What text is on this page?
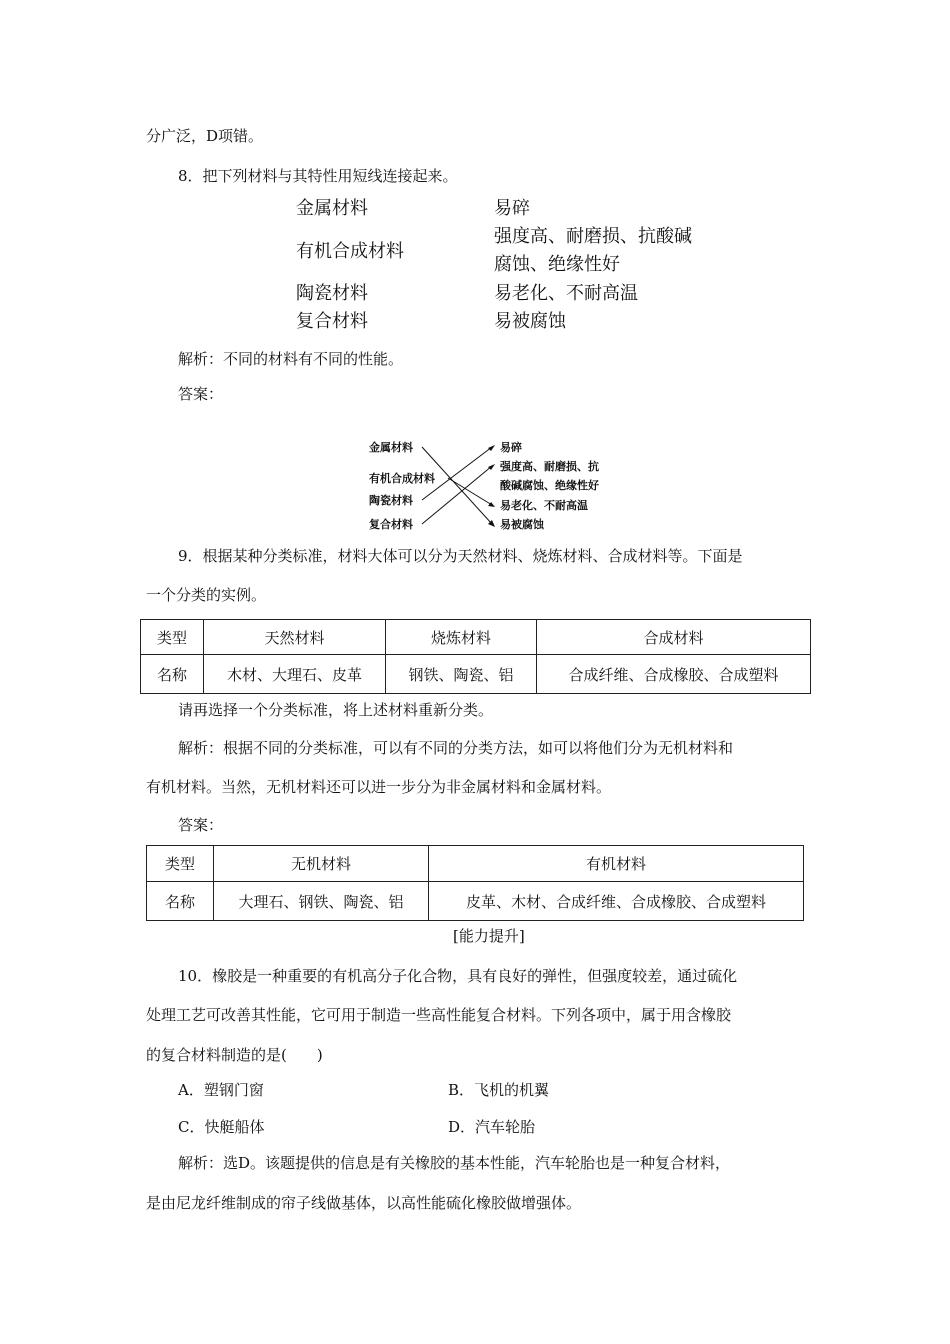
分广泛，D项错。
8．把下列材料与其特性用短线连接起来。
金属材料
有机合成材料
陶瓷材料
复合材料
易碎
强度高、耐磨损、抗酸碱
腐蚀、绝缘性好
易老化、不耐高温
易被腐蚀
解析：不同的材料有不同的性能。
答案：
金属材料
有机合成材料
陶瓷材料
复合材料
易碎
强度高、耐磨损、抗
酸碱腐蚀、绝缘性好
易老化、不耐高温
易被腐蚀
9．根据某种分类标准，材料大体可以分为天然材料、烧炼材料、合成材料等。下面是
一个分类的实例。
类型	天然材料	烧炼材料	合成材料
名称	木材、大理石、皮革	钢铁、陶瓷、铝	合成纤维、合成橡胶、合成塑料
请再选择一个分类标准，将上述材料重新分类。
解析：根据不同的分类标准，可以有不同的分类方法，如可以将他们分为无机材料和
有机材料。当然，无机材料还可以进一步分为非金属材料和金属材料。
答案：
类型	无机材料	有机材料
名称	大理石、钢铁、陶瓷、铝	皮革、木材、合成纤维、合成橡胶、合成塑料
[能力提升]
10．橡胶是一种重要的有机高分子化合物，具有良好的弹性，但强度较差，通过硫化
处理工艺可改善其性能，它可用于制造一些高性能复合材料。下列各项中，属于用含橡胶
的复合材料制造的是(　　)
A．塑钢门窗	B．飞机的机翼
C．快艇船体	D．汽车轮胎
解析：选D。该题提供的信息是有关橡胶的基本性能，汽车轮胎也是一种复合材料，
是由尼龙纤维制成的帘子线做基体，以高性能硫化橡胶做增强体。
